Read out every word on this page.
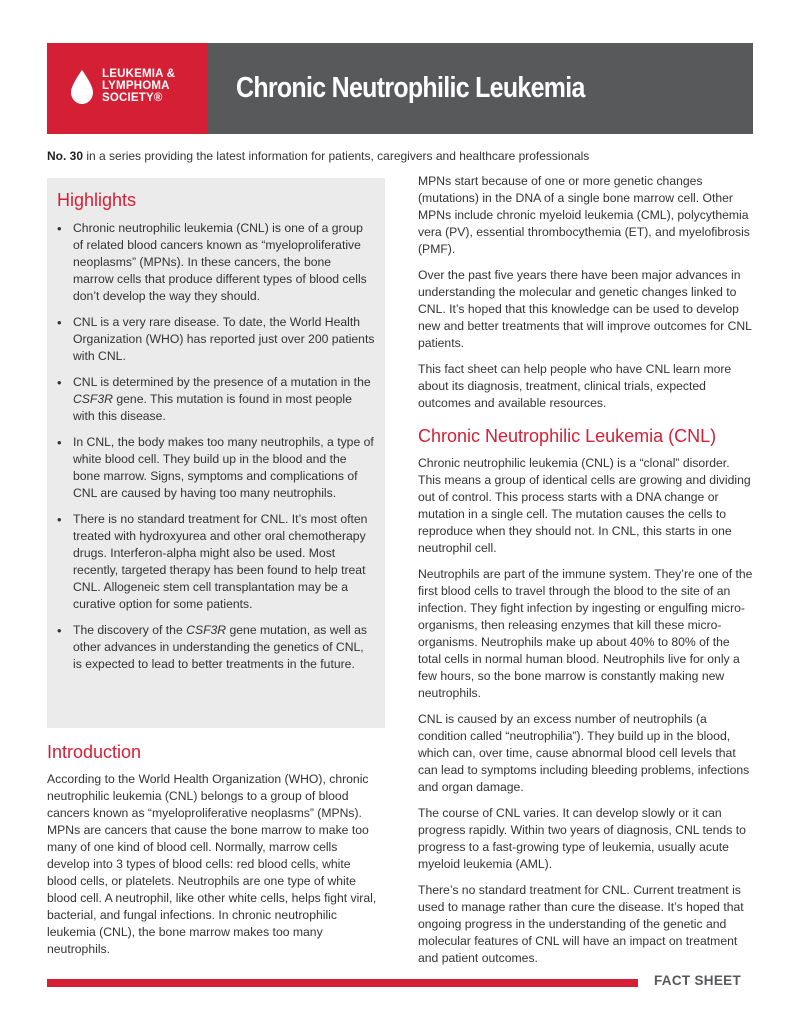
LEUKEMIA &
LYMPHOMA
SOCIETY®	Chronic Neutrophilic Leukemia
No. 30 in a series providing the latest information for patients, caregivers and healthcare professionals
Highlights
• Chronic neutrophilic leukemia (CNL) is one of a group of related blood cancers known as “myeloproliferative neoplasms” (MPNs). In these cancers, the bone marrow cells that produce different types of blood cells don’t develop the way they should.
• CNL is a very rare disease. To date, the World Health Organization (WHO) has reported just over 200 patients with CNL.
• CNL is determined by the presence of a mutation in the CSF3R gene. This mutation is found in most people with this disease.
• In CNL, the body makes too many neutrophils, a type of white blood cell. They build up in the blood and the bone marrow. Signs, symptoms and complications of CNL are caused by having too many neutrophils.
• There is no standard treatment for CNL. It’s most often treated with hydroxyurea and other oral chemotherapy drugs. Interferon-alpha might also be used. Most recently, targeted therapy has been found to help treat CNL. Allogeneic stem cell transplantation may be a curative option for some patients.
• The discovery of the CSF3R gene mutation, as well as other advances in understanding the genetics of CNL, is expected to lead to better treatments in the future.
Introduction

According to the World Health Organization (WHO), chronic neutrophilic leukemia (CNL) belongs to a group of blood cancers known as “myeloproliferative neoplasms” (MPNs). MPNs are cancers that cause the bone marrow to make too many of one kind of blood cell. Normally, marrow cells develop into 3 types of blood cells: red blood cells, white blood cells, or platelets. Neutrophils are one type of white blood cell. A neutrophil, like other white cells, helps fight viral, bacterial, and fungal infections. In chronic neutrophilic leukemia (CNL), the bone marrow makes too many neutrophils.

MPNs start because of one or more genetic changes (mutations) in the DNA of a single bone marrow cell. Other MPNs include chronic myeloid leukemia (CML), polycythemia vera (PV), essential thrombocythemia (ET), and myelofibrosis (PMF).

Over the past five years there have been major advances in understanding the molecular and genetic changes linked to CNL. It’s hoped that this knowledge can be used to develop new and better treatments that will improve outcomes for CNL patients.

This fact sheet can help people who have CNL learn more about its diagnosis, treatment, clinical trials, expected outcomes and available resources.

Chronic Neutrophilic Leukemia (CNL)

Chronic neutrophilic leukemia (CNL) is a “clonal” disorder. This means a group of identical cells are growing and dividing out of control. This process starts with a DNA change or mutation in a single cell. The mutation causes the cells to reproduce when they should not. In CNL, this starts in one neutrophil cell.

Neutrophils are part of the immune system. They’re one of the first blood cells to travel through the blood to the site of an infection. They fight infection by ingesting or engulfing micro-organisms, then releasing enzymes that kill these micro-organisms. Neutrophils make up about 40% to 80% of the total cells in normal human blood. Neutrophils live for only a few hours, so the bone marrow is constantly making new neutrophils.

CNL is caused by an excess number of neutrophils (a condition called “neutrophilia”). They build up in the blood, which can, over time, cause abnormal blood cell levels that can lead to symptoms including bleeding problems, infections and organ damage.

The course of CNL varies. It can develop slowly or it can progress rapidly. Within two years of diagnosis, CNL tends to progress to a fast-growing type of leukemia, usually acute myeloid leukemia (AML).

There’s no standard treatment for CNL. Current treatment is used to manage rather than cure the disease. It’s hoped that ongoing progress in the understanding of the genetic and molecular features of CNL will have an impact on treatment and patient outcomes.

FACT SHEET
